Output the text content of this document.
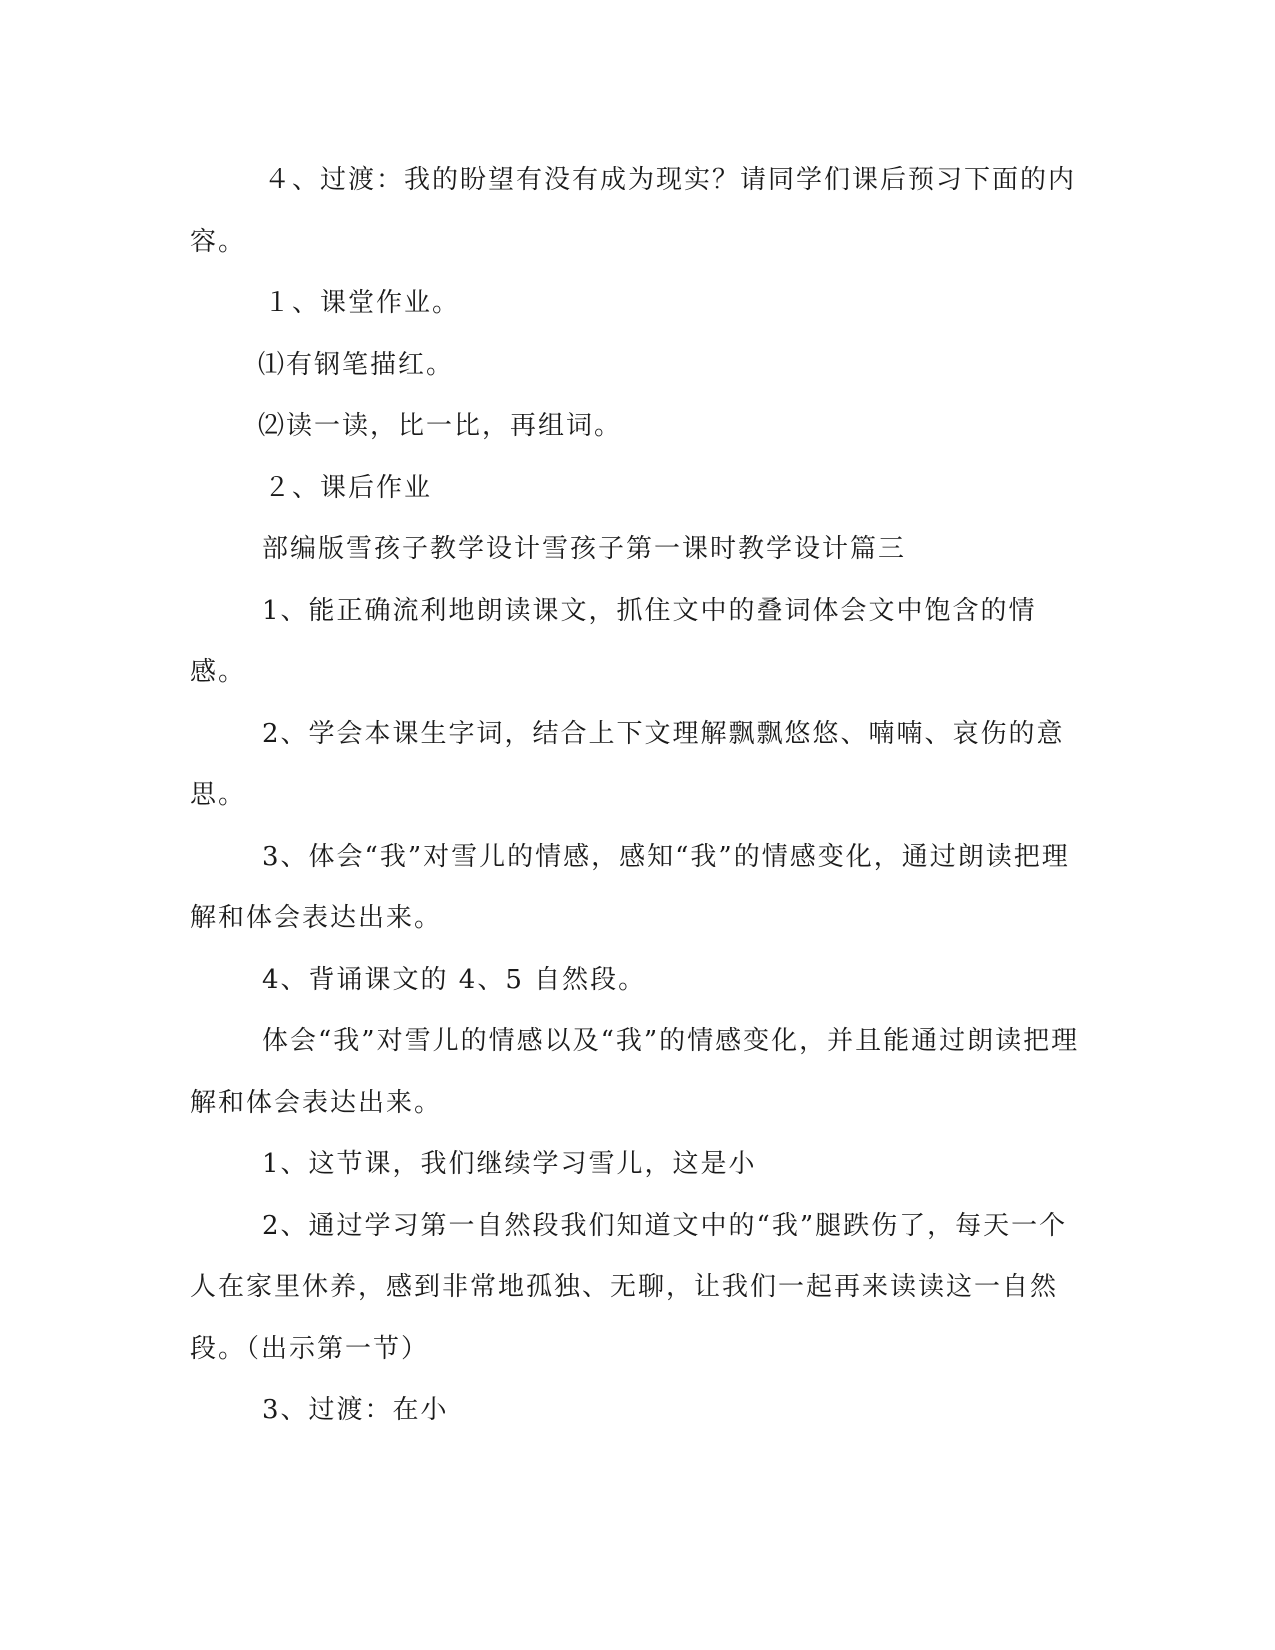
４、过渡：我的盼望有没有成为现实？请同学们课后预习下面的内容。

１、课堂作业。

⑴有钢笔描红。

⑵读一读，比一比，再组词。

２、课后作业

部编版雪孩子教学设计雪孩子第一课时教学设计篇三

1、能正确流利地朗读课文，抓住文中的叠词体会文中饱含的情感。

2、学会本课生字词，结合上下文理解飘飘悠悠、喃喃、哀伤的意思。

3、体会“我”对雪儿的情感，感知“我”的情感变化，通过朗读把理解和体会表达出来。

4、背诵课文的 4、5 自然段。

体会“我”对雪儿的情感以及“我”的情感变化，并且能通过朗读把理解和体会表达出来。

1、这节课，我们继续学习雪儿，这是小

2、通过学习第一自然段我们知道文中的“我”腿跌伤了，每天一个人在家里休养，感到非常地孤独、无聊，让我们一起再来读读这一自然段。（出示第一节）

3、过渡：在小
